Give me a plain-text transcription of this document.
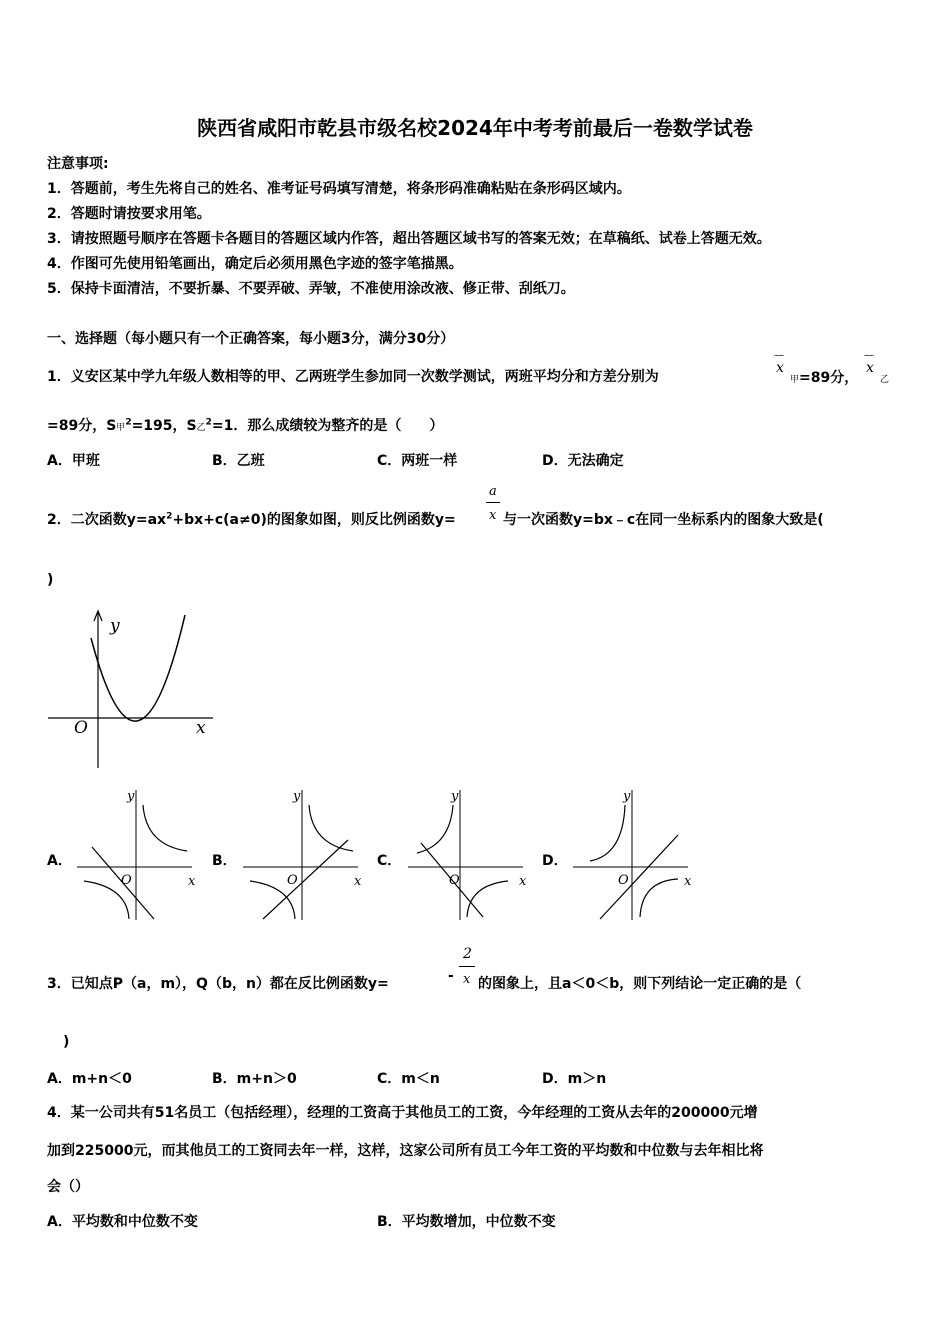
陕西省咸阳市乾县市级名校2024年中考考前最后一卷数学试卷
注意事项:
1．答题前，考生先将自己的姓名、准考证号码填写清楚，将条形码准确粘贴在条形码区域内。
2．答题时请按要求用笔。
3．请按照题号顺序在答题卡各题目的答题区域内作答，超出答题区域书写的答案无效；在草稿纸、试卷上答题无效。
4．作图可先使用铅笔画出，确定后必须用黑色字迹的签字笔描黑。
5．保持卡面清洁，不要折暴、不要弄破、弄皱，不准使用涂改液、修正带、刮纸刀。
一、选择题（每小题只有一个正确答案，每小题3分，满分30分）
1．义安区某中学九年级人数相等的甲、乙两班学生参加同一次数学测试，两班平均分和方差分别为
—
x
甲=89分，
—
x
乙
=89分，S甲$^2$=195，S乙$^2$=1．那么成绩较为整齐的是（　　）
A．甲班	B．乙班	C．两班一样	D．无法确定
2．二次函数$y=ax^2+bx+c(a\ne 0)$的图象如图，则反比例函数y=
a
x 与一次函数y=bx﹣c在同一坐标系内的图象大致是(
)
y
x
O
A．	B．	C．	D．
y
x
O
y
x
O
y
x
O
y
x
O
3．已知点P（a，m），Q（b，n）都在反比例函数y=	-
2
x 的图象上，且a＜0＜b，则下列结论一定正确的是（
)
A．m+n＜0	B．m+n＞0	C．m＜n	D．m＞n
4．某一公司共有51名员工（包括经理），经理的工资高于其他员工的工资，今年经理的工资从去年的200000元增
加到225000元，而其他员工的工资同去年一样，这样，这家公司所有员工今年工资的平均数和中位数与去年相比将
会（）
A．平均数和中位数不变	B．平均数增加，中位数不变
